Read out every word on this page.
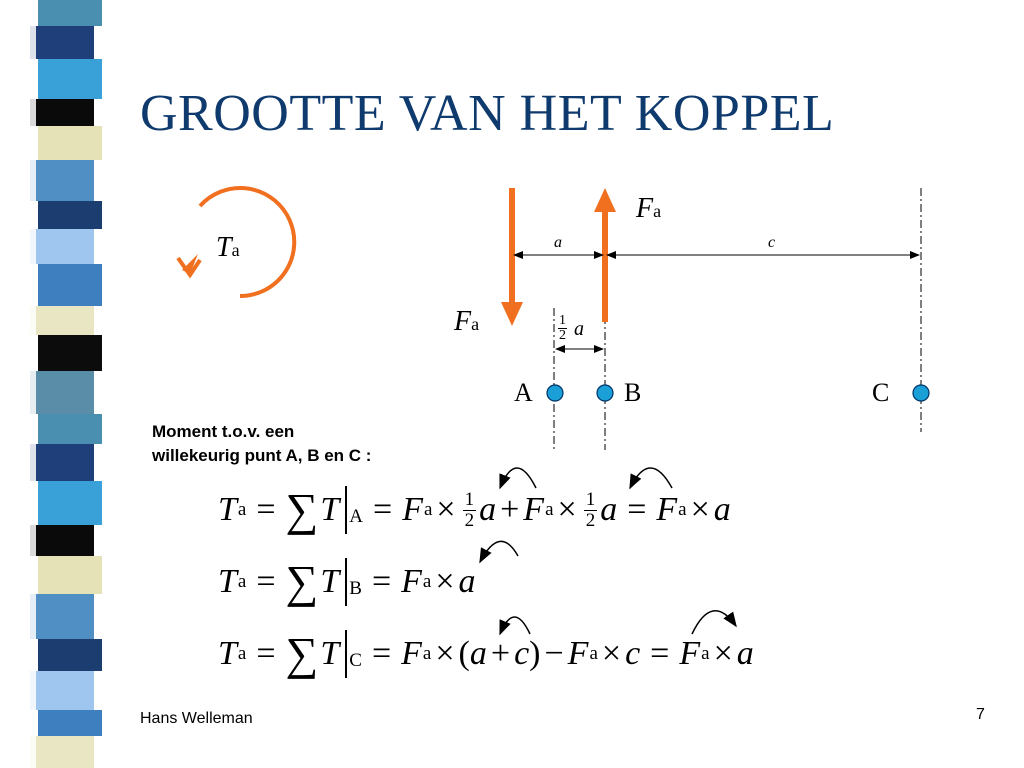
GROOTTE VAN HET KOPPEL
Ta
Fa
Fa
a	c
1
2 a
A	B	C
Moment t.o.v. een
willekeurig punt A, B en C :
T a = ∑ T A = F $a \times \frac{1}{2}$ a + F $a \times \frac{1}{2}$ a = F a × a
T a = ∑ T B = F a × a
T a = ∑ T C = F a × ( a + c ) − F a × c = F a × a
Hans Welleman	7
